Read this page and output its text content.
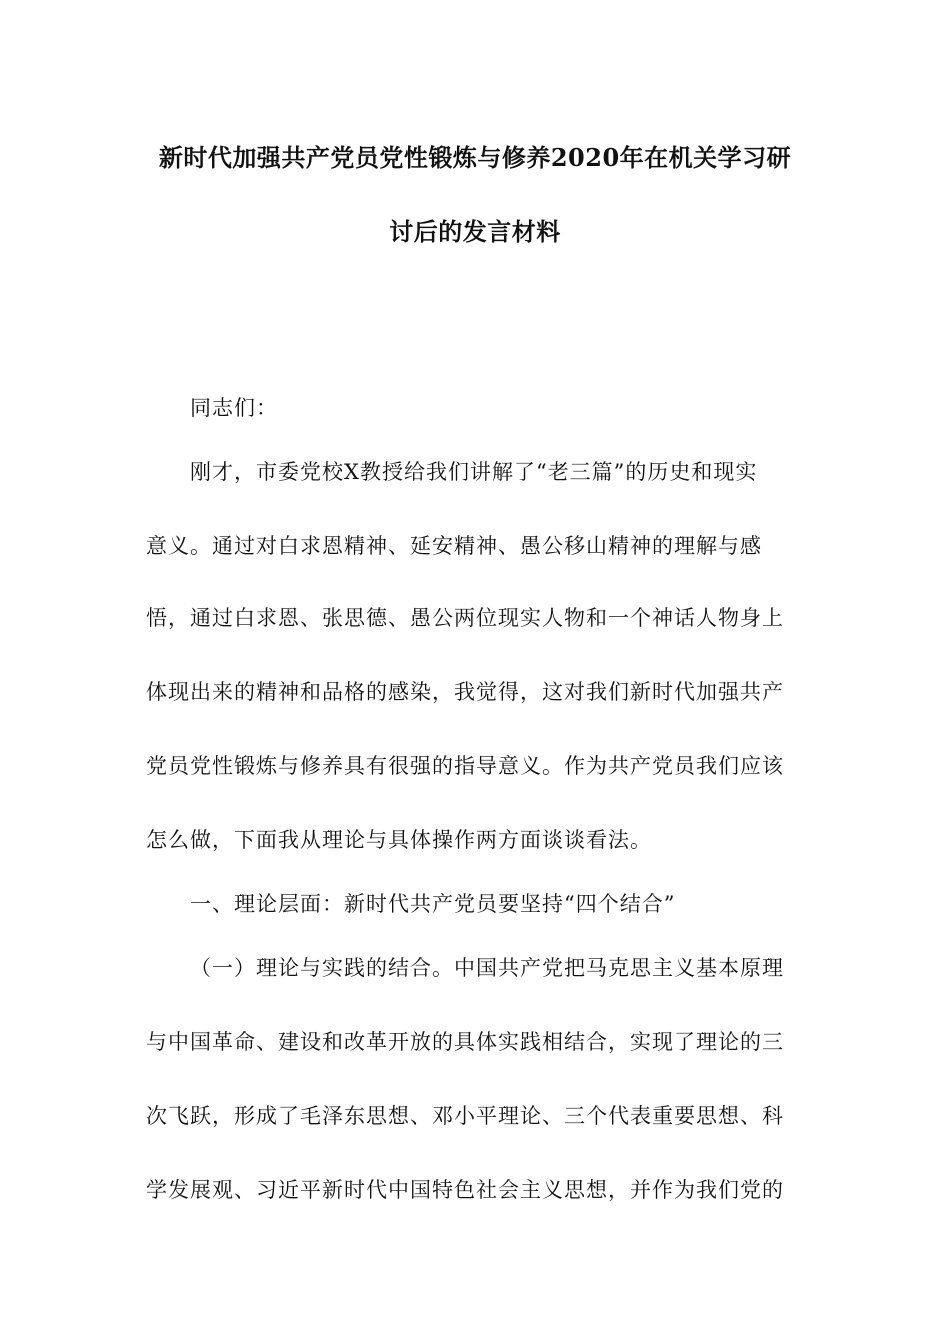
新时代加强共产党员党性锻炼与修养2020年在机关学习研
讨后的发言材料
同志们：
刚才，市委党校X教授给我们讲解了“老三篇”的历史和现实
意义。通过对白求恩精神、延安精神、愚公移山精神的理解与感
悟，通过白求恩、张思德、愚公两位现实人物和一个神话人物身上
体现出来的精神和品格的感染，我觉得，这对我们新时代加强共产
党员党性锻炼与修养具有很强的指导意义。作为共产党员我们应该
怎么做，下面我从理论与具体操作两方面谈谈看法。
一、理论层面：新时代共产党员要坚持“四个结合”
（一）理论与实践的结合。中国共产党把马克思主义基本原理
与中国革命、建设和改革开放的具体实践相结合，实现了理论的三
次飞跃，形成了毛泽东思想、邓小平理论、三个代表重要思想、科
学发展观、习近平新时代中国特色社会主义思想，并作为我们党的
